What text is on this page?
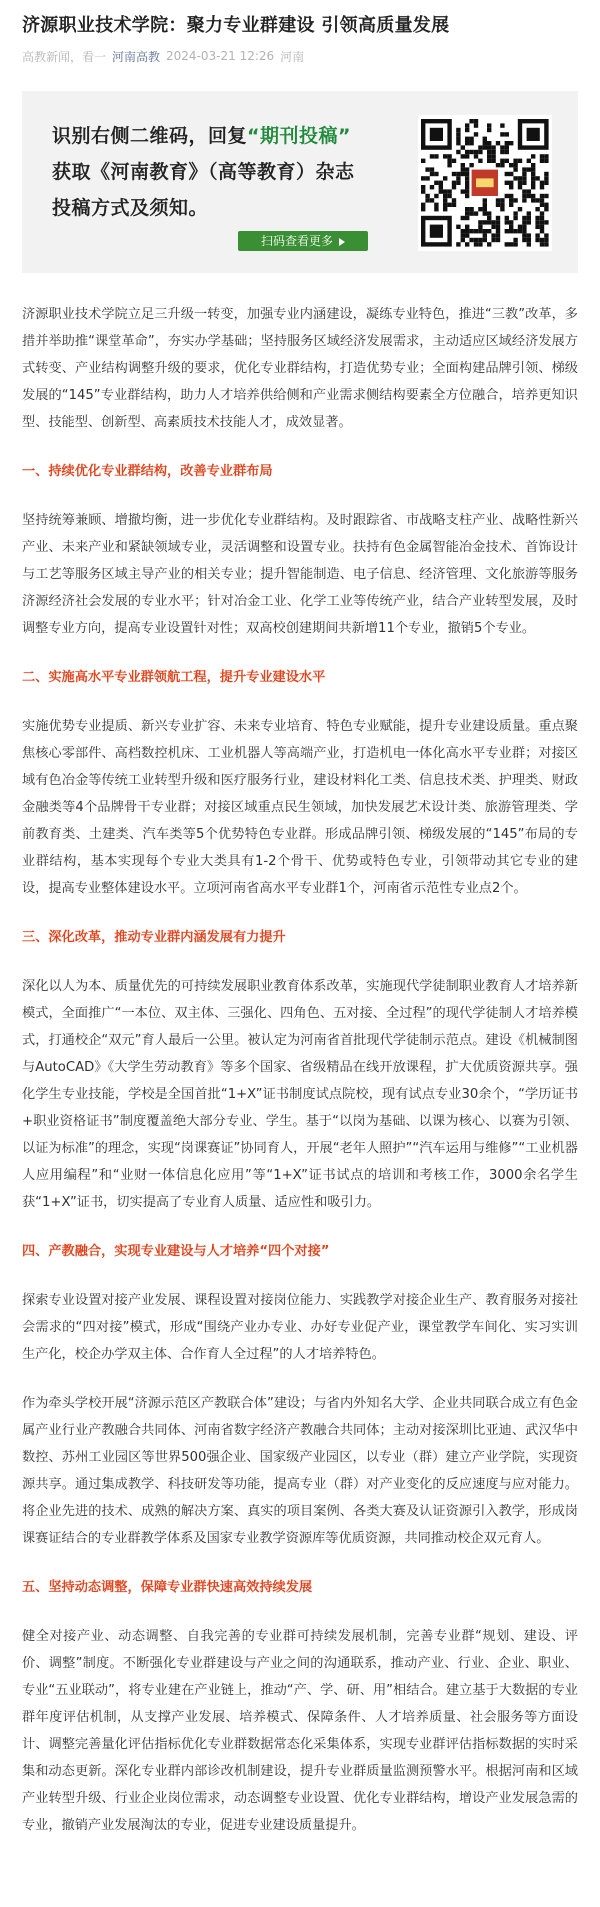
济源职业技术学院：聚力专业群建设 引领高质量发展
高教新闻，看一 河南高教 2024-03-21 12:26 河南
识别右侧二维码，回复“期刊投稿”
获取《河南教育》（高等教育）杂志
投稿方式及须知。
扫码查看更多

济源职业技术学院立足三升级一转变，加强专业内涵建设，凝练专业特色，推进“三教”改革，多措并举助推“课堂革命”，夯实办学基础；坚持服务区域经济发展需求，主动适应区域经济发展方式转变、产业结构调整升级的要求，优化专业群结构，打造优势专业；全面构建品牌引领、梯级发展的“145”专业群结构，助力人才培养供给侧和产业需求侧结构要素全方位融合，培养更知识型、技能型、创新型、高素质技术技能人才，成效显著。

一、持续优化专业群结构，改善专业群布局

坚持统筹兼顾、增撤均衡，进一步优化专业群结构。及时跟踪省、市战略支柱产业、战略性新兴产业、未来产业和紧缺领域专业，灵活调整和设置专业。扶持有色金属智能冶金技术、首饰设计与工艺等服务区域主导产业的相关专业；提升智能制造、电子信息、经济管理、文化旅游等服务济源经济社会发展的专业水平；针对冶金工业、化学工业等传统产业，结合产业转型发展，及时调整专业方向，提高专业设置针对性；双高校创建期间共新增11个专业，撤销5个专业。

二、实施高水平专业群领航工程，提升专业建设水平

实施优势专业提质、新兴专业扩容、未来专业培育、特色专业赋能，提升专业建设质量。重点聚焦核心零部件、高档数控机床、工业机器人等高端产业，打造机电一体化高水平专业群；对接区域有色冶金等传统工业转型升级和医疗服务行业，建设材料化工类、信息技术类、护理类、财政金融类等4个品牌骨干专业群；对接区域重点民生领域，加快发展艺术设计类、旅游管理类、学前教育类、土建类、汽车类等5个优势特色专业群。形成品牌引领、梯级发展的“145”布局的专业群结构，基本实现每个专业大类具有1-2个骨干、优势或特色专业，引领带动其它专业的建设，提高专业整体建设水平。立项河南省高水平专业群1个，河南省示范性专业点2个。

三、深化改革，推动专业群内涵发展有力提升

深化以人为本、质量优先的可持续发展职业教育体系改革，实施现代学徒制职业教育人才培养新模式，全面推广“一本位、双主体、三强化、四角色、五对接、全过程”的现代学徒制人才培养模式，打通校企“双元”育人最后一公里。被认定为河南省首批现代学徒制示范点。建设《机械制图与AutoCAD》《大学生劳动教育》等多个国家、省级精品在线开放课程，扩大优质资源共享。强化学生专业技能，学校是全国首批“1+X”证书制度试点院校，现有试点专业30余个，“学历证书+职业资格证书”制度覆盖绝大部分专业、学生。基于“以岗为基础、以课为核心、以赛为引领、以证为标准”的理念，实现“岗课赛证”协同育人，开展“老年人照护”“汽车运用与维修”“工业机器人应用编程”和“业财一体信息化应用”等“1+X”证书试点的培训和考核工作，3000余名学生获“1+X”证书，切实提高了专业育人质量、适应性和吸引力。

四、产教融合，实现专业建设与人才培养“四个对接”

探索专业设置对接产业发展、课程设置对接岗位能力、实践教学对接企业生产、教育服务对接社会需求的“四对接”模式，形成“围绕产业办专业、办好专业促产业，课堂教学车间化、实习实训生产化，校企办学双主体、合作育人全过程”的人才培养特色。

作为牵头学校开展“济源示范区产教联合体”建设；与省内外知名大学、企业共同联合成立有色金属产业行业产教融合共同体、河南省数字经济产教融合共同体；主动对接深圳比亚迪、武汉华中数控、苏州工业园区等世界500强企业、国家级产业园区，以专业（群）建立产业学院，实现资源共享。通过集成教学、科技研发等功能，提高专业（群）对产业变化的反应速度与应对能力。将企业先进的技术、成熟的解决方案、真实的项目案例、各类大赛及认证资源引入教学，形成岗课赛证结合的专业群教学体系及国家专业教学资源库等优质资源，共同推动校企双元育人。

五、坚持动态调整，保障专业群快速高效持续发展

健全对接产业、动态调整、自我完善的专业群可持续发展机制，完善专业群“规划、建设、评价、调整”制度。不断强化专业群建设与产业之间的沟通联系，推动产业、行业、企业、职业、专业“五业联动”，将专业建在产业链上，推动“产、学、研、用”相结合。建立基于大数据的专业群年度评估机制，从支撑产业发展、培养模式、保障条件、人才培养质量、社会服务等方面设计、调整完善量化评估指标优化专业群数据常态化采集体系，实现专业群评估指标数据的实时采集和动态更新。深化专业群内部诊改机制建设，提升专业群质量监测预警水平。根据河南和区域产业转型升级、行业企业岗位需求，动态调整专业设置、优化专业群结构，增设产业发展急需的专业，撤销产业发展淘汰的专业，促进专业建设质量提升。
